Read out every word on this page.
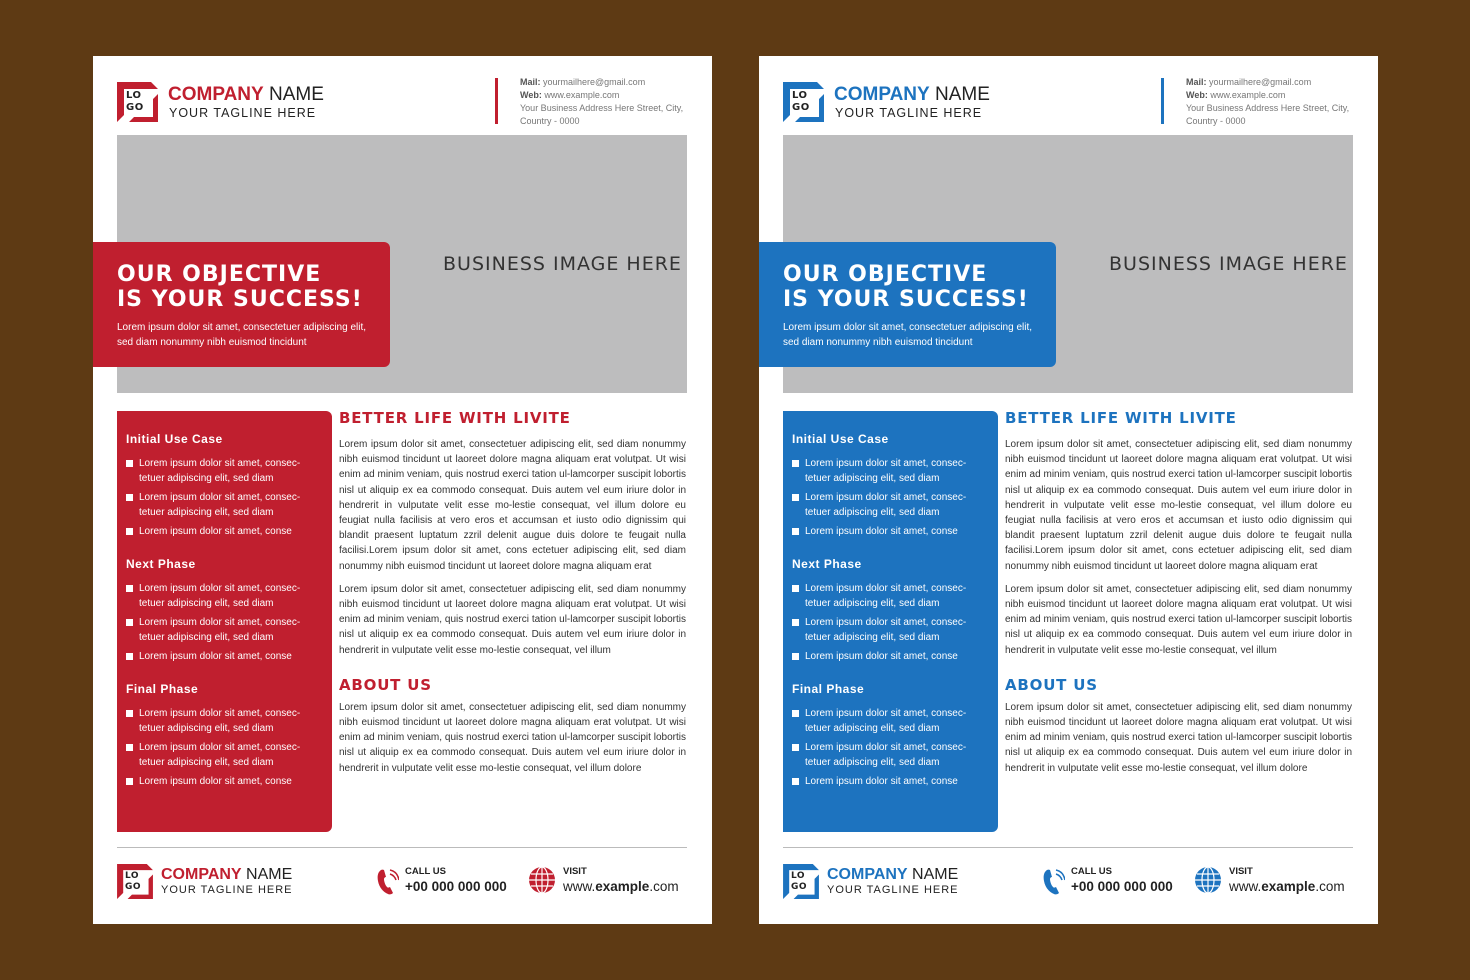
LO
GO
COMPANY NAME
YOUR TAGLINE HERE
Mail: yourmailhere@gmail.com
Web: www.example.com
Your Business Address Here Street, City, Country - 0000
BUSINESS IMAGE HERE
OUR OBJECTIVE
IS YOUR SUCCESS!

Lorem ipsum dolor sit amet, consectetuer adipiscing elit, sed diam nonummy nibh euismod tincidunt

Initial Use Case
Lorem ipsum dolor sit amet, consec-tetuer adipiscing elit, sed diam
Lorem ipsum dolor sit amet, consec-tetuer adipiscing elit, sed diam
Lorem ipsum dolor sit amet, conse
Next Phase
Lorem ipsum dolor sit amet, consec-tetuer adipiscing elit, sed diam
Lorem ipsum dolor sit amet, consec-tetuer adipiscing elit, sed diam
Lorem ipsum dolor sit amet, conse
Final Phase
Lorem ipsum dolor sit amet, consec-tetuer adipiscing elit, sed diam
Lorem ipsum dolor sit amet, consec-tetuer adipiscing elit, sed diam
Lorem ipsum dolor sit amet, conse
BETTER LIFE WITH LIVITE

Lorem ipsum dolor sit amet, consectetuer adipiscing elit, sed diam nonummy nibh euismod tincidunt ut laoreet dolore magna aliquam erat volutpat. Ut wisi enim ad minim veniam, quis nostrud exerci tation ul-lamcorper suscipit lobortis nisl ut aliquip ex ea commodo consequat. Duis autem vel eum iriure dolor in hendrerit in vulputate velit esse mo-lestie consequat, vel illum dolore eu feugiat nulla facilisis at vero eros et accumsan et iusto odio dignissim qui blandit praesent luptatum zzril delenit augue duis dolore te feugait nulla facilisi.Lorem ipsum dolor sit amet, cons ectetuer adipiscing elit, sed diam nonummy nibh euismod tincidunt ut laoreet dolore magna aliquam erat

Lorem ipsum dolor sit amet, consectetuer adipiscing elit, sed diam nonummy nibh euismod tincidunt ut laoreet dolore magna aliquam erat volutpat. Ut wisi enim ad minim veniam, quis nostrud exerci tation ul-lamcorper suscipit lobortis nisl ut aliquip ex ea commodo consequat. Duis autem vel eum iriure dolor in hendrerit in vulputate velit esse mo-lestie consequat, vel illum

ABOUT US

Lorem ipsum dolor sit amet, consectetuer adipiscing elit, sed diam nonummy nibh euismod tincidunt ut laoreet dolore magna aliquam erat volutpat. Ut wisi enim ad minim veniam, quis nostrud exerci tation ul-lamcorper suscipit lobortis nisl ut aliquip ex ea commodo consequat. Duis autem vel eum iriure dolor in hendrerit in vulputate velit esse mo-lestie consequat, vel illum dolore

LO
GO
COMPANY NAME
YOUR TAGLINE HERE
CALL US
+00 000 000 000
VISIT
www.example.com
LO
GO
COMPANY NAME
YOUR TAGLINE HERE
Mail: yourmailhere@gmail.com
Web: www.example.com
Your Business Address Here Street, City, Country - 0000
BUSINESS IMAGE HERE
OUR OBJECTIVE
IS YOUR SUCCESS!

Lorem ipsum dolor sit amet, consectetuer adipiscing elit, sed diam nonummy nibh euismod tincidunt

Initial Use Case
Lorem ipsum dolor sit amet, consec-tetuer adipiscing elit, sed diam
Lorem ipsum dolor sit amet, consec-tetuer adipiscing elit, sed diam
Lorem ipsum dolor sit amet, conse
Next Phase
Lorem ipsum dolor sit amet, consec-tetuer adipiscing elit, sed diam
Lorem ipsum dolor sit amet, consec-tetuer adipiscing elit, sed diam
Lorem ipsum dolor sit amet, conse
Final Phase
Lorem ipsum dolor sit amet, consec-tetuer adipiscing elit, sed diam
Lorem ipsum dolor sit amet, consec-tetuer adipiscing elit, sed diam
Lorem ipsum dolor sit amet, conse
BETTER LIFE WITH LIVITE

Lorem ipsum dolor sit amet, consectetuer adipiscing elit, sed diam nonummy nibh euismod tincidunt ut laoreet dolore magna aliquam erat volutpat. Ut wisi enim ad minim veniam, quis nostrud exerci tation ul-lamcorper suscipit lobortis nisl ut aliquip ex ea commodo consequat. Duis autem vel eum iriure dolor in hendrerit in vulputate velit esse mo-lestie consequat, vel illum dolore eu feugiat nulla facilisis at vero eros et accumsan et iusto odio dignissim qui blandit praesent luptatum zzril delenit augue duis dolore te feugait nulla facilisi.Lorem ipsum dolor sit amet, cons ectetuer adipiscing elit, sed diam nonummy nibh euismod tincidunt ut laoreet dolore magna aliquam erat

Lorem ipsum dolor sit amet, consectetuer adipiscing elit, sed diam nonummy nibh euismod tincidunt ut laoreet dolore magna aliquam erat volutpat. Ut wisi enim ad minim veniam, quis nostrud exerci tation ul-lamcorper suscipit lobortis nisl ut aliquip ex ea commodo consequat. Duis autem vel eum iriure dolor in hendrerit in vulputate velit esse mo-lestie consequat, vel illum

ABOUT US

Lorem ipsum dolor sit amet, consectetuer adipiscing elit, sed diam nonummy nibh euismod tincidunt ut laoreet dolore magna aliquam erat volutpat. Ut wisi enim ad minim veniam, quis nostrud exerci tation ul-lamcorper suscipit lobortis nisl ut aliquip ex ea commodo consequat. Duis autem vel eum iriure dolor in hendrerit in vulputate velit esse mo-lestie consequat, vel illum dolore

LO
GO
COMPANY NAME
YOUR TAGLINE HERE
CALL US
+00 000 000 000
VISIT
www.example.com
